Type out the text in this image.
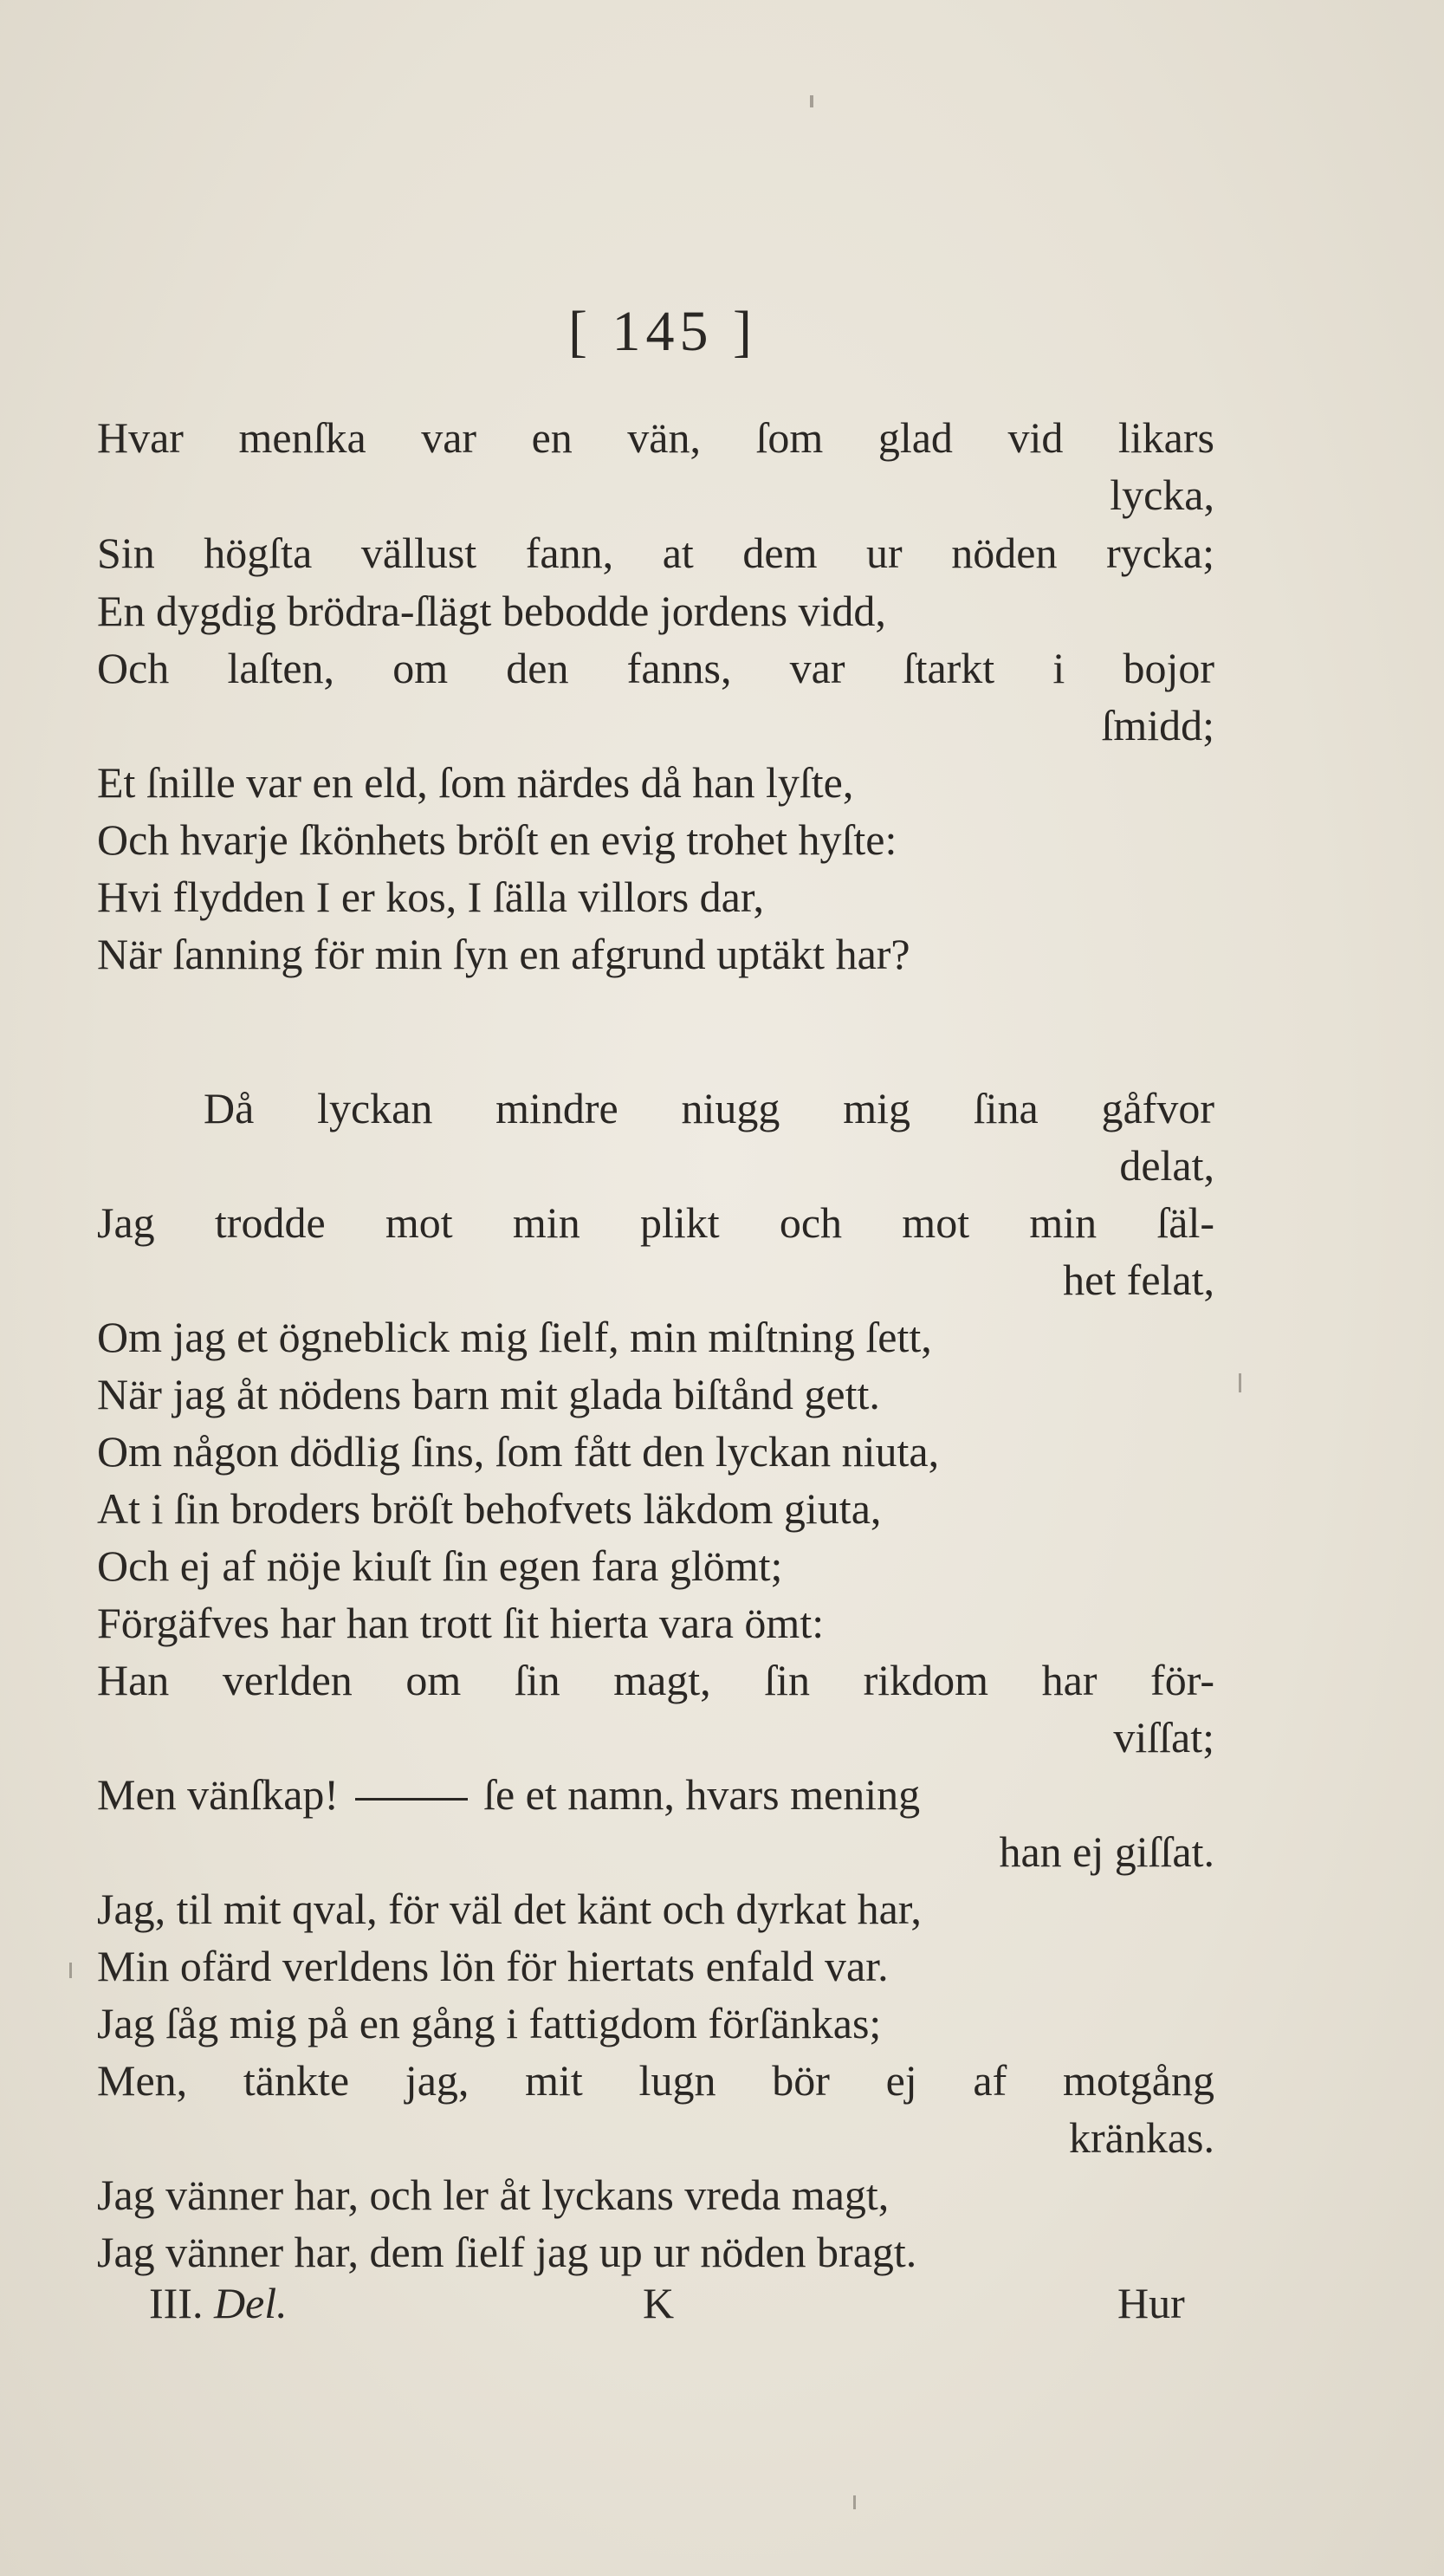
[ 145 ]
Hvar menſka var en vän, ſom glad vid likars
lycka,
Sin högſta vällust fann, at dem ur nöden rycka;
En dygdig brödra-ſlägt bebodde jordens vidd,
Och laſten, om den fanns, var ſtarkt i bojor
ſmidd;
Et ſnille var en eld, ſom närdes då han lyſte,
Och hvarje ſkönhets bröſt en evig trohet hyſte:
Hvi flydden I er kos, I ſälla villors dar,
När ſanning för min ſyn en afgrund uptäkt har?
Då lyckan mindre niugg mig ſina gåfvor
delat,
Jag trodde mot min plikt och mot min ſäl-
het felat,
Om jag et ögneblick mig ſielf, min miſtning ſett,
När jag åt nödens barn mit glada biſtånd gett.
Om någon dödlig ſins, ſom fått den lyckan niuta,
At i ſin broders bröſt behofvets läkdom giuta,
Och ej af nöje kiuſt ſin egen fara glömt;
Förgäfves har han trott ſit hierta vara ömt:
Han verlden om ſin magt, ſin rikdom har för-
viſſat;
Men vänſkap!	ſe et namn, hvars mening
han ej giſſat.
Jag, til mit qval, för väl det känt och dyrkat har,
Min ofärd verldens lön för hiertats enfald var.
Jag ſåg mig på en gång i fattigdom förſänkas;
Men, tänkte jag, mit lugn bör ej af motgång
kränkas.
Jag vänner har, och ler åt lyckans vreda magt,
Jag vänner har, dem ſielf jag up ur nöden bragt.
III. Del.	K	Hur
